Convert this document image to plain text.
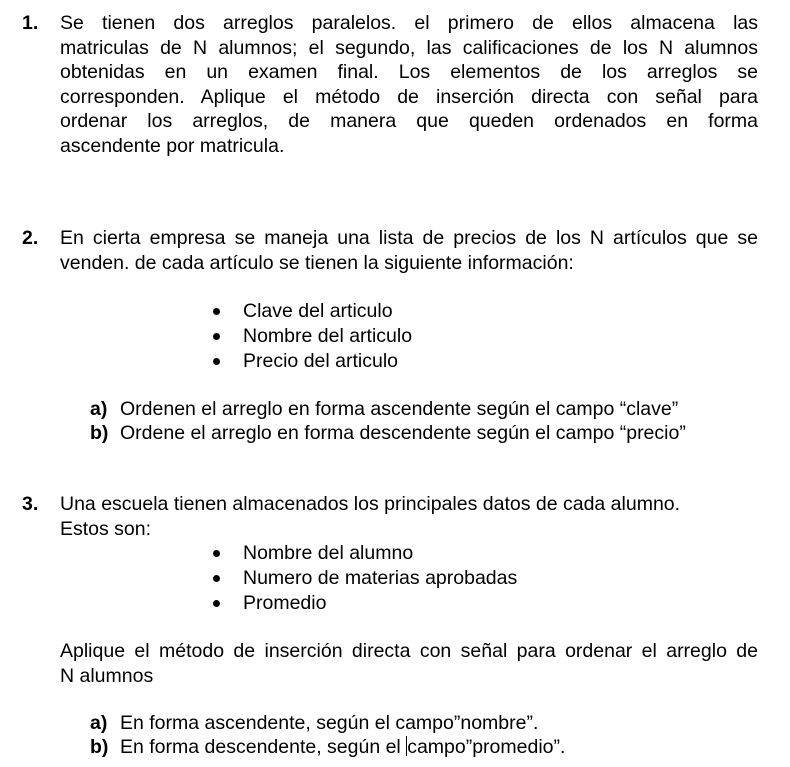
1.	Se tienen dos arreglos paralelos. el primero de ellos almacena las
matriculas de N alumnos; el segundo, las calificaciones de los N alumnos
obtenidas en un examen final. Los elementos de los arreglos se
corresponden. Aplique el método de inserción directa con señal para
ordenar los arreglos, de manera que queden ordenados en forma
ascendente por matricula.
2.	En cierta empresa se maneja una lista de precios de los N artículos que se
venden. de cada artículo se tienen la siguiente información:
Clave del articulo
Nombre del articulo
Precio del articulo
a) Ordenen el arreglo en forma ascendente según el campo “clave”
b) Ordene el arreglo en forma descendente según el campo “precio”
3.	Una escuela tienen almacenados los principales datos de cada alumno.
Estos son:
Nombre del alumno
Numero de materias aprobadas
Promedio
Aplique el método de inserción directa con señal para ordenar el arreglo de
N alumnos
a) En forma ascendente, según el campo”nombre”.
b) En forma descendente, según el campo”promedio”.
